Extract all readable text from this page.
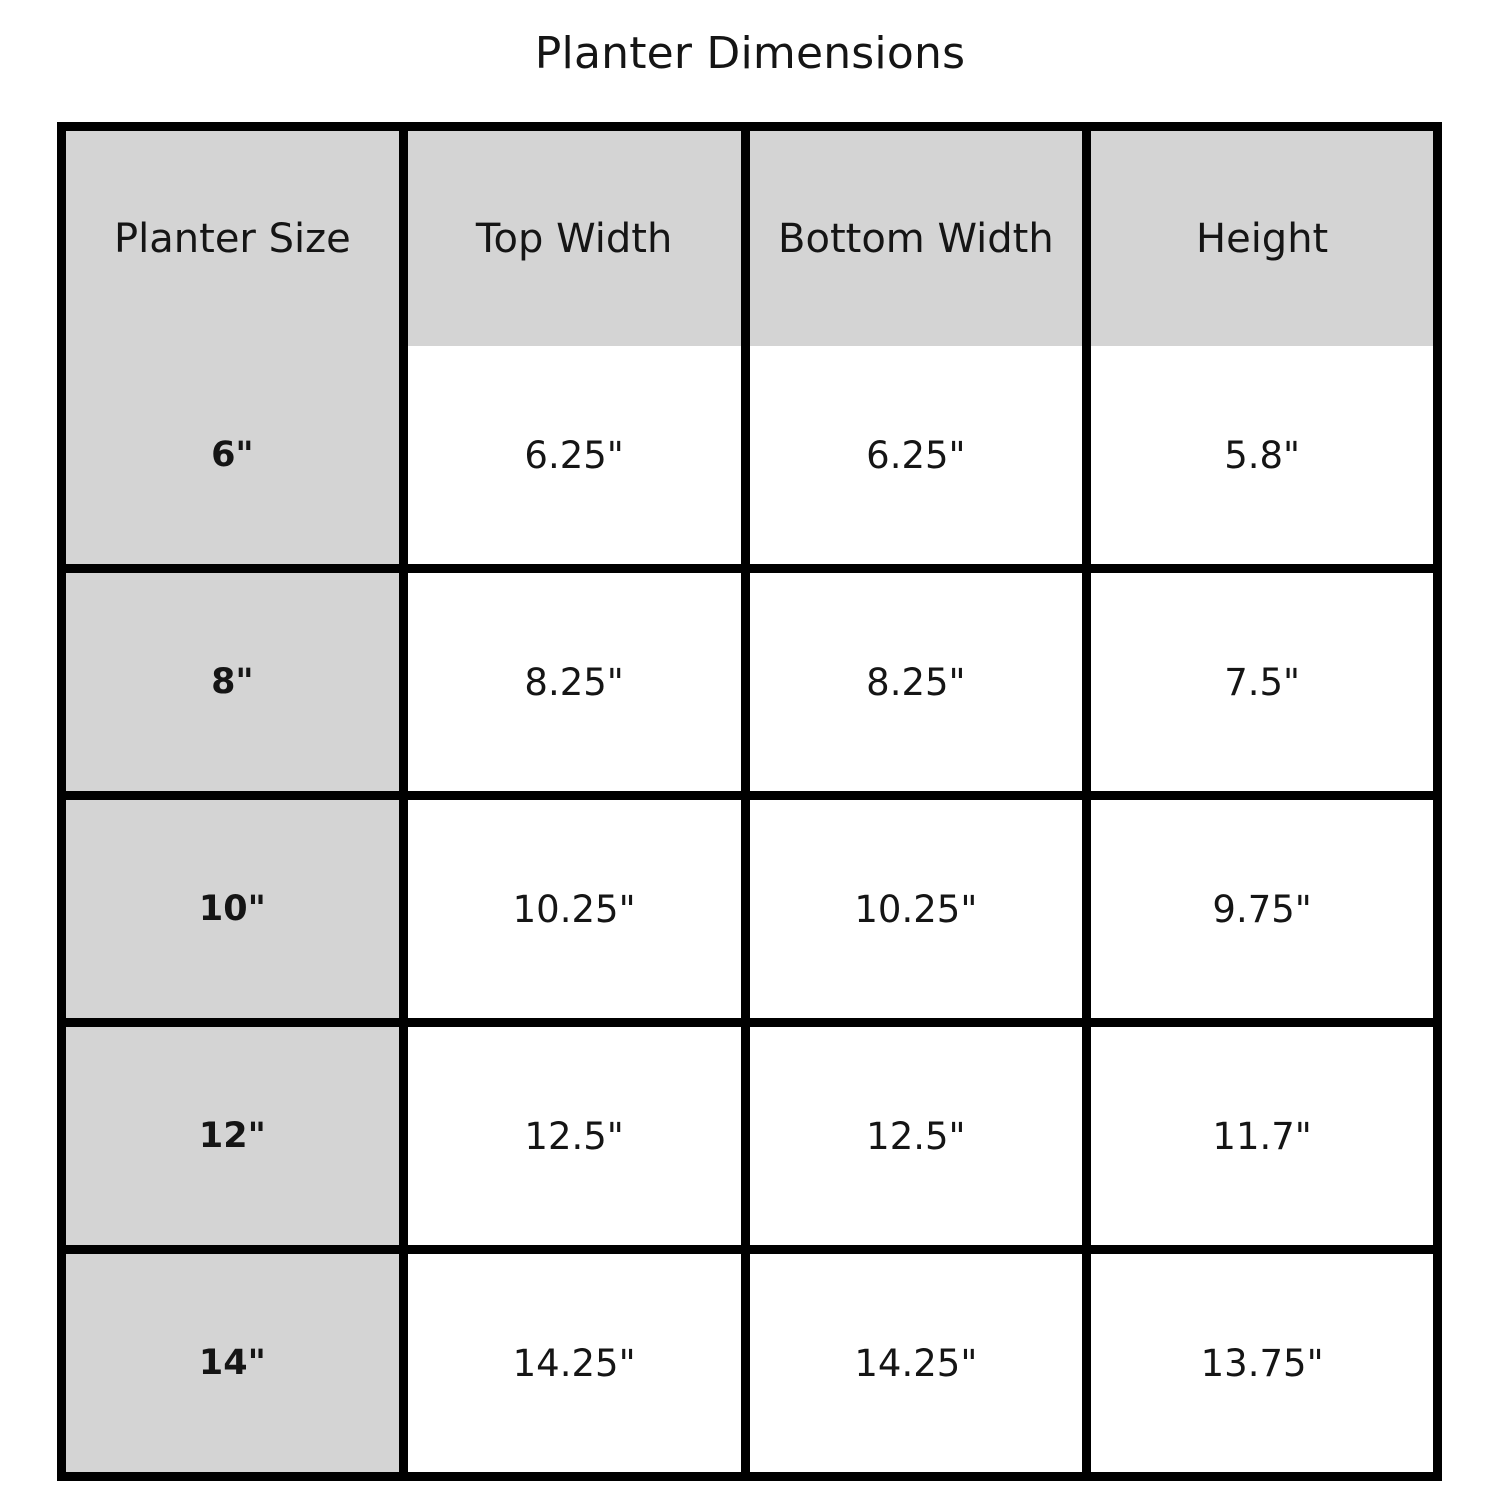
Planter Dimensions
Planter Size	Top Width	Bottom Width	Height
6"	6.25"	6.25"	5.8"
8"	8.25"	8.25"	7.5"
10"	10.25"	10.25"	9.75"
12"	12.5"	12.5"	11.7"
14"	14.25"	14.25"	13.75"
